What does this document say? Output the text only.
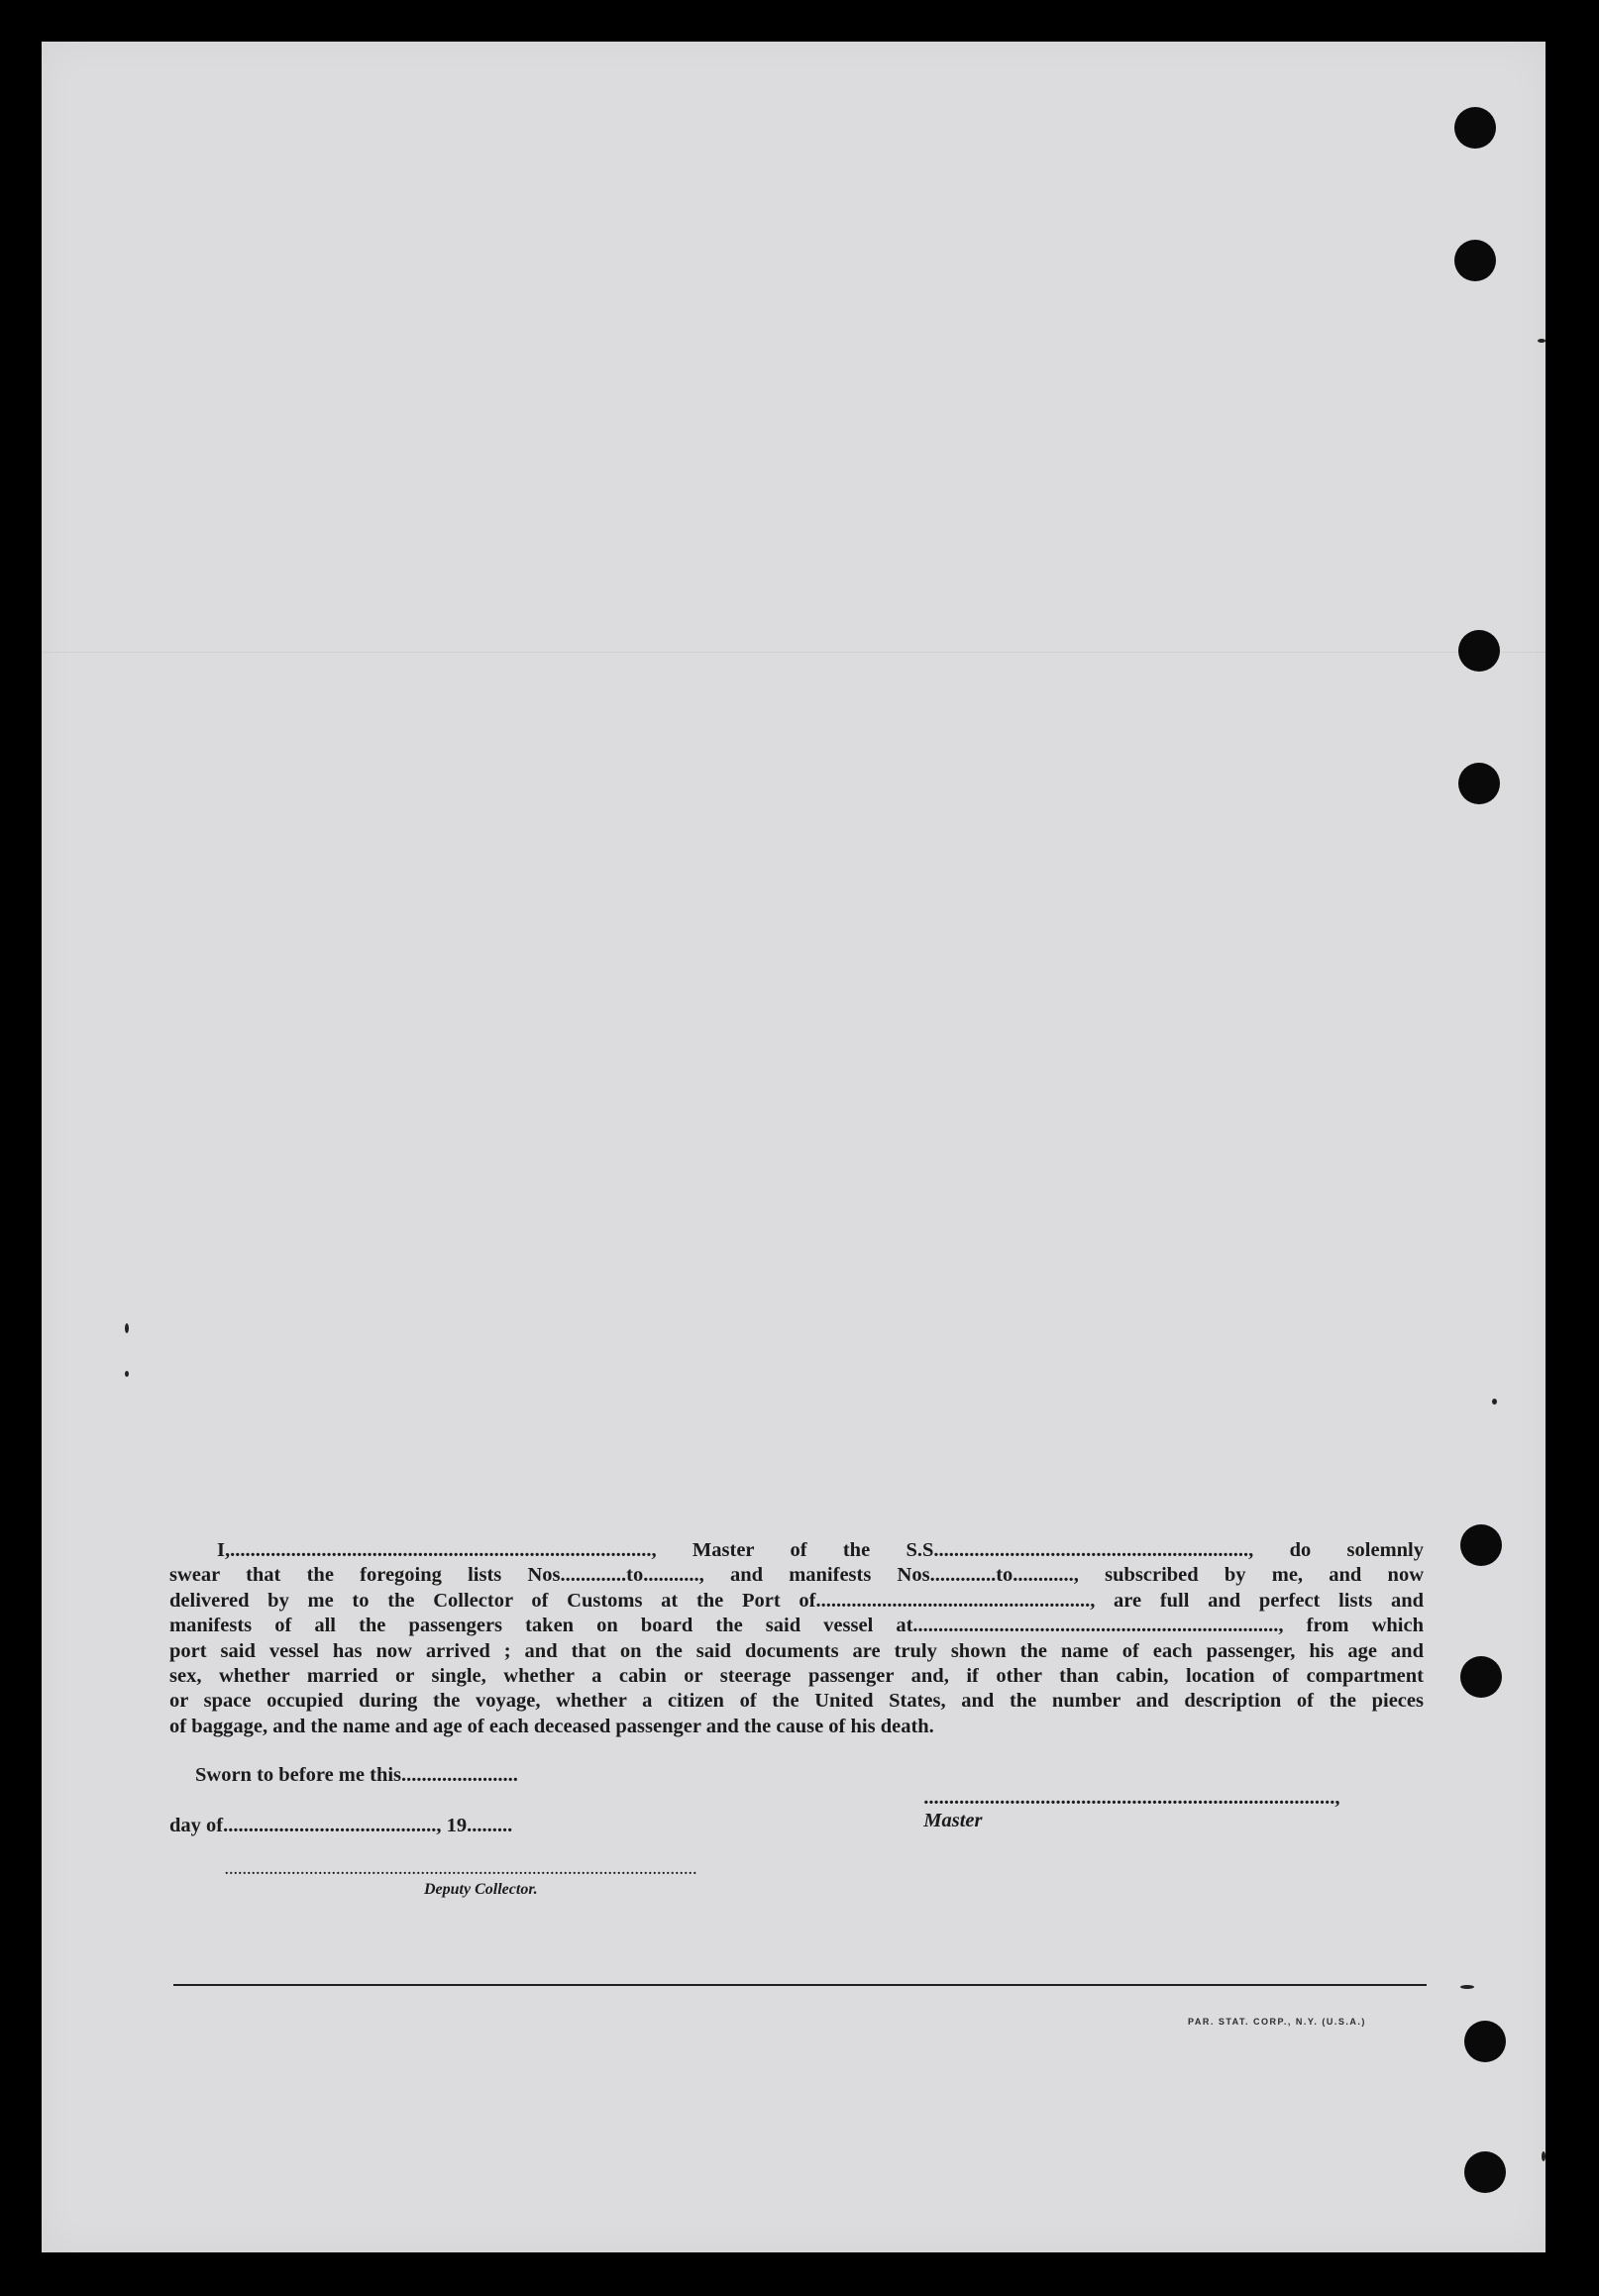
I,..................................................................................., Master of the S.S.............................................................., do solemnly
swear that the foregoing lists Nos.............to..........., and manifests Nos.............to............, subscribed by me, and now
delivered by me to the Collector of Customs at the Port of......................................................, are full and perfect lists and
manifests of all the passengers taken on board the said vessel at........................................................................, from which
port said vessel has now arrived ; and that on the said documents are truly shown the name of each passenger, his age and
sex, whether married or single, whether a cabin or steerage passenger and, if other than cabin, location of compartment
or space occupied during the voyage, whether a citizen of the United States, and the number and description of the pieces
of baggage, and the name and age of each deceased passenger and the cause of his death.
Sworn to before me this.......................

.................................................................................,
Master

day of.........................................., 19.........
..........................................................................................................
Deputy Collector.
PAR. STAT. CORP., N.Y. (U.S.A.)
